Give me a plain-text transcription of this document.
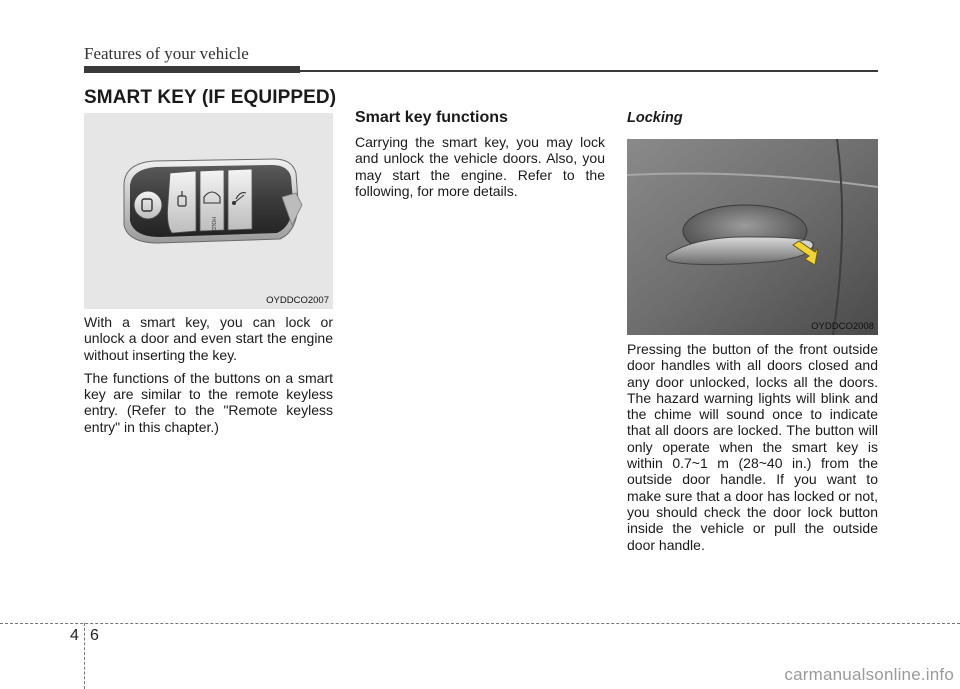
Features of your vehicle
SMART KEY (IF EQUIPPED)
HOLD
OYDDCO2007

With a smart key, you can lock or unlock a door and even start the engine without inserting the key.

The functions of the buttons on a smart key are similar to the remote keyless entry. (Refer to the "Remote keyless entry" in this chapter.)

Smart key functions

Carrying the smart key, you may lock and unlock the vehicle doors. Also, you may start the engine. Refer to the following, for more details.

Locking
OYDDCO2008

Pressing the button of the front outside door handles with all doors closed and any door unlocked, locks all the doors. The hazard warning lights will blink and the chime will sound once to indicate that all doors are locked. The button will only operate when the smart key is within 0.7~1 m (28~40 in.) from the outside door handle. If you want to make sure that a door has locked or not, you should check the door lock button inside the vehicle or pull the outside door handle.

4 6
carmanualsonline.info
